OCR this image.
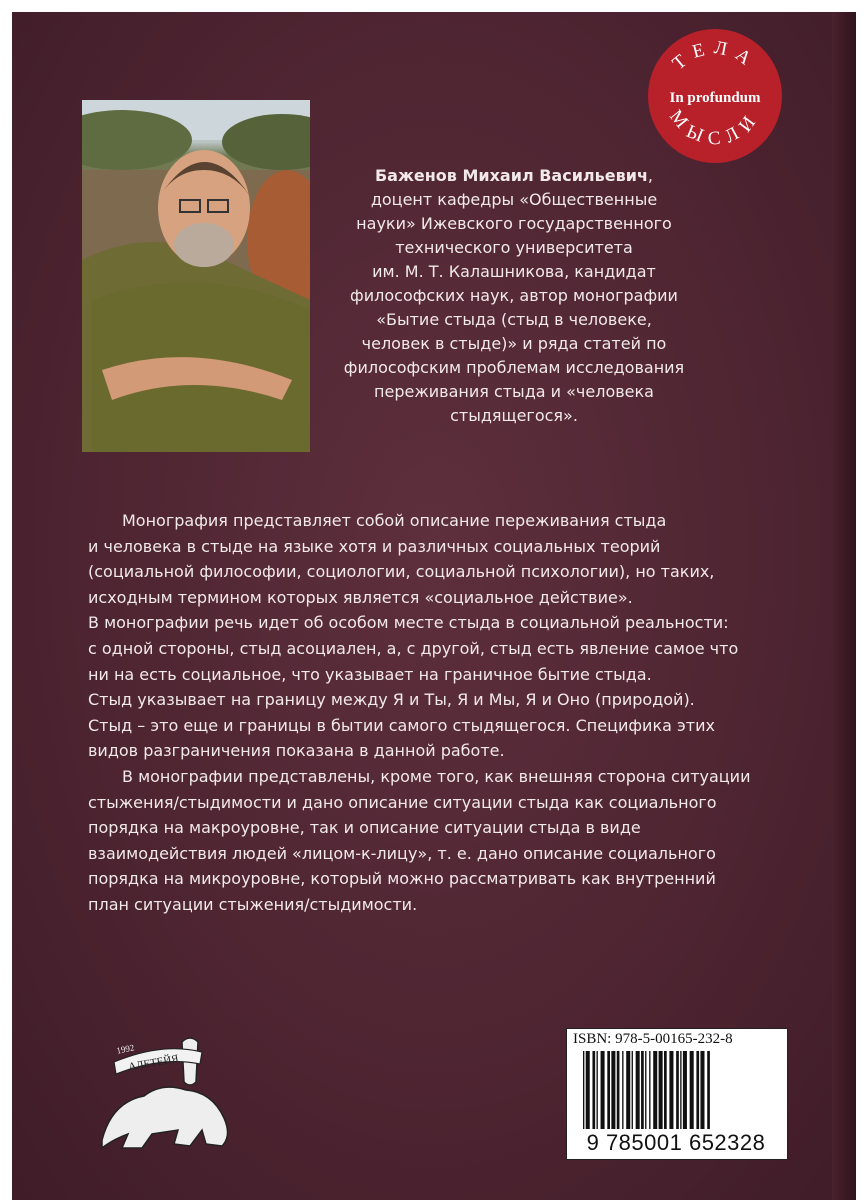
ТЕЛА
МЫСЛИ
In profundum
Баженов Михаил Васильевич,
доцент кафедры «Общественные
науки» Ижевского государственного
технического университета
им. М. Т. Калашникова, кандидат
философских наук, автор монографии
«Бытие стыда (стыд в человеке,
человек в стыде)» и ряда статей по
философским проблемам исследования
переживания стыда и «человека
стыдящегося».

Монография представляет собой описание переживания стыда
и человека в стыде на языке хотя и различных социальных теорий
(социальной философии, социологии, социальной психологии), но таких,
исходным термином которых является «социальное действие».

В монографии речь идет об особом месте стыда в социальной реальности:
с одной стороны, стыд асоциален, а, с другой, стыд есть явление самое что
ни на есть социальное, что указывает на граничное бытие стыда.

Стыд указывает на границу между Я и Ты, Я и Мы, Я и Оно (природой).
Стыд – это еще и границы в бытии самого стыдящегося. Специфика этих
видов разграничения показана в данной работе.

В монографии представлены, кроме того, как внешняя сторона ситуации
стыжения/стыдимости и дано описание ситуации стыда как социального
порядка на макроуровне, так и описание ситуации стыда в виде
взаимодействия людей «лицом-к-лицу», т. е. дано описание социального
порядка на микроуровне, который можно рассматривать как внутренний
план ситуации стыжения/стыдимости.

АЛЕТЕЙЯ
1992
ISBN: 978-5-00165-232-8
9 785001 652328
